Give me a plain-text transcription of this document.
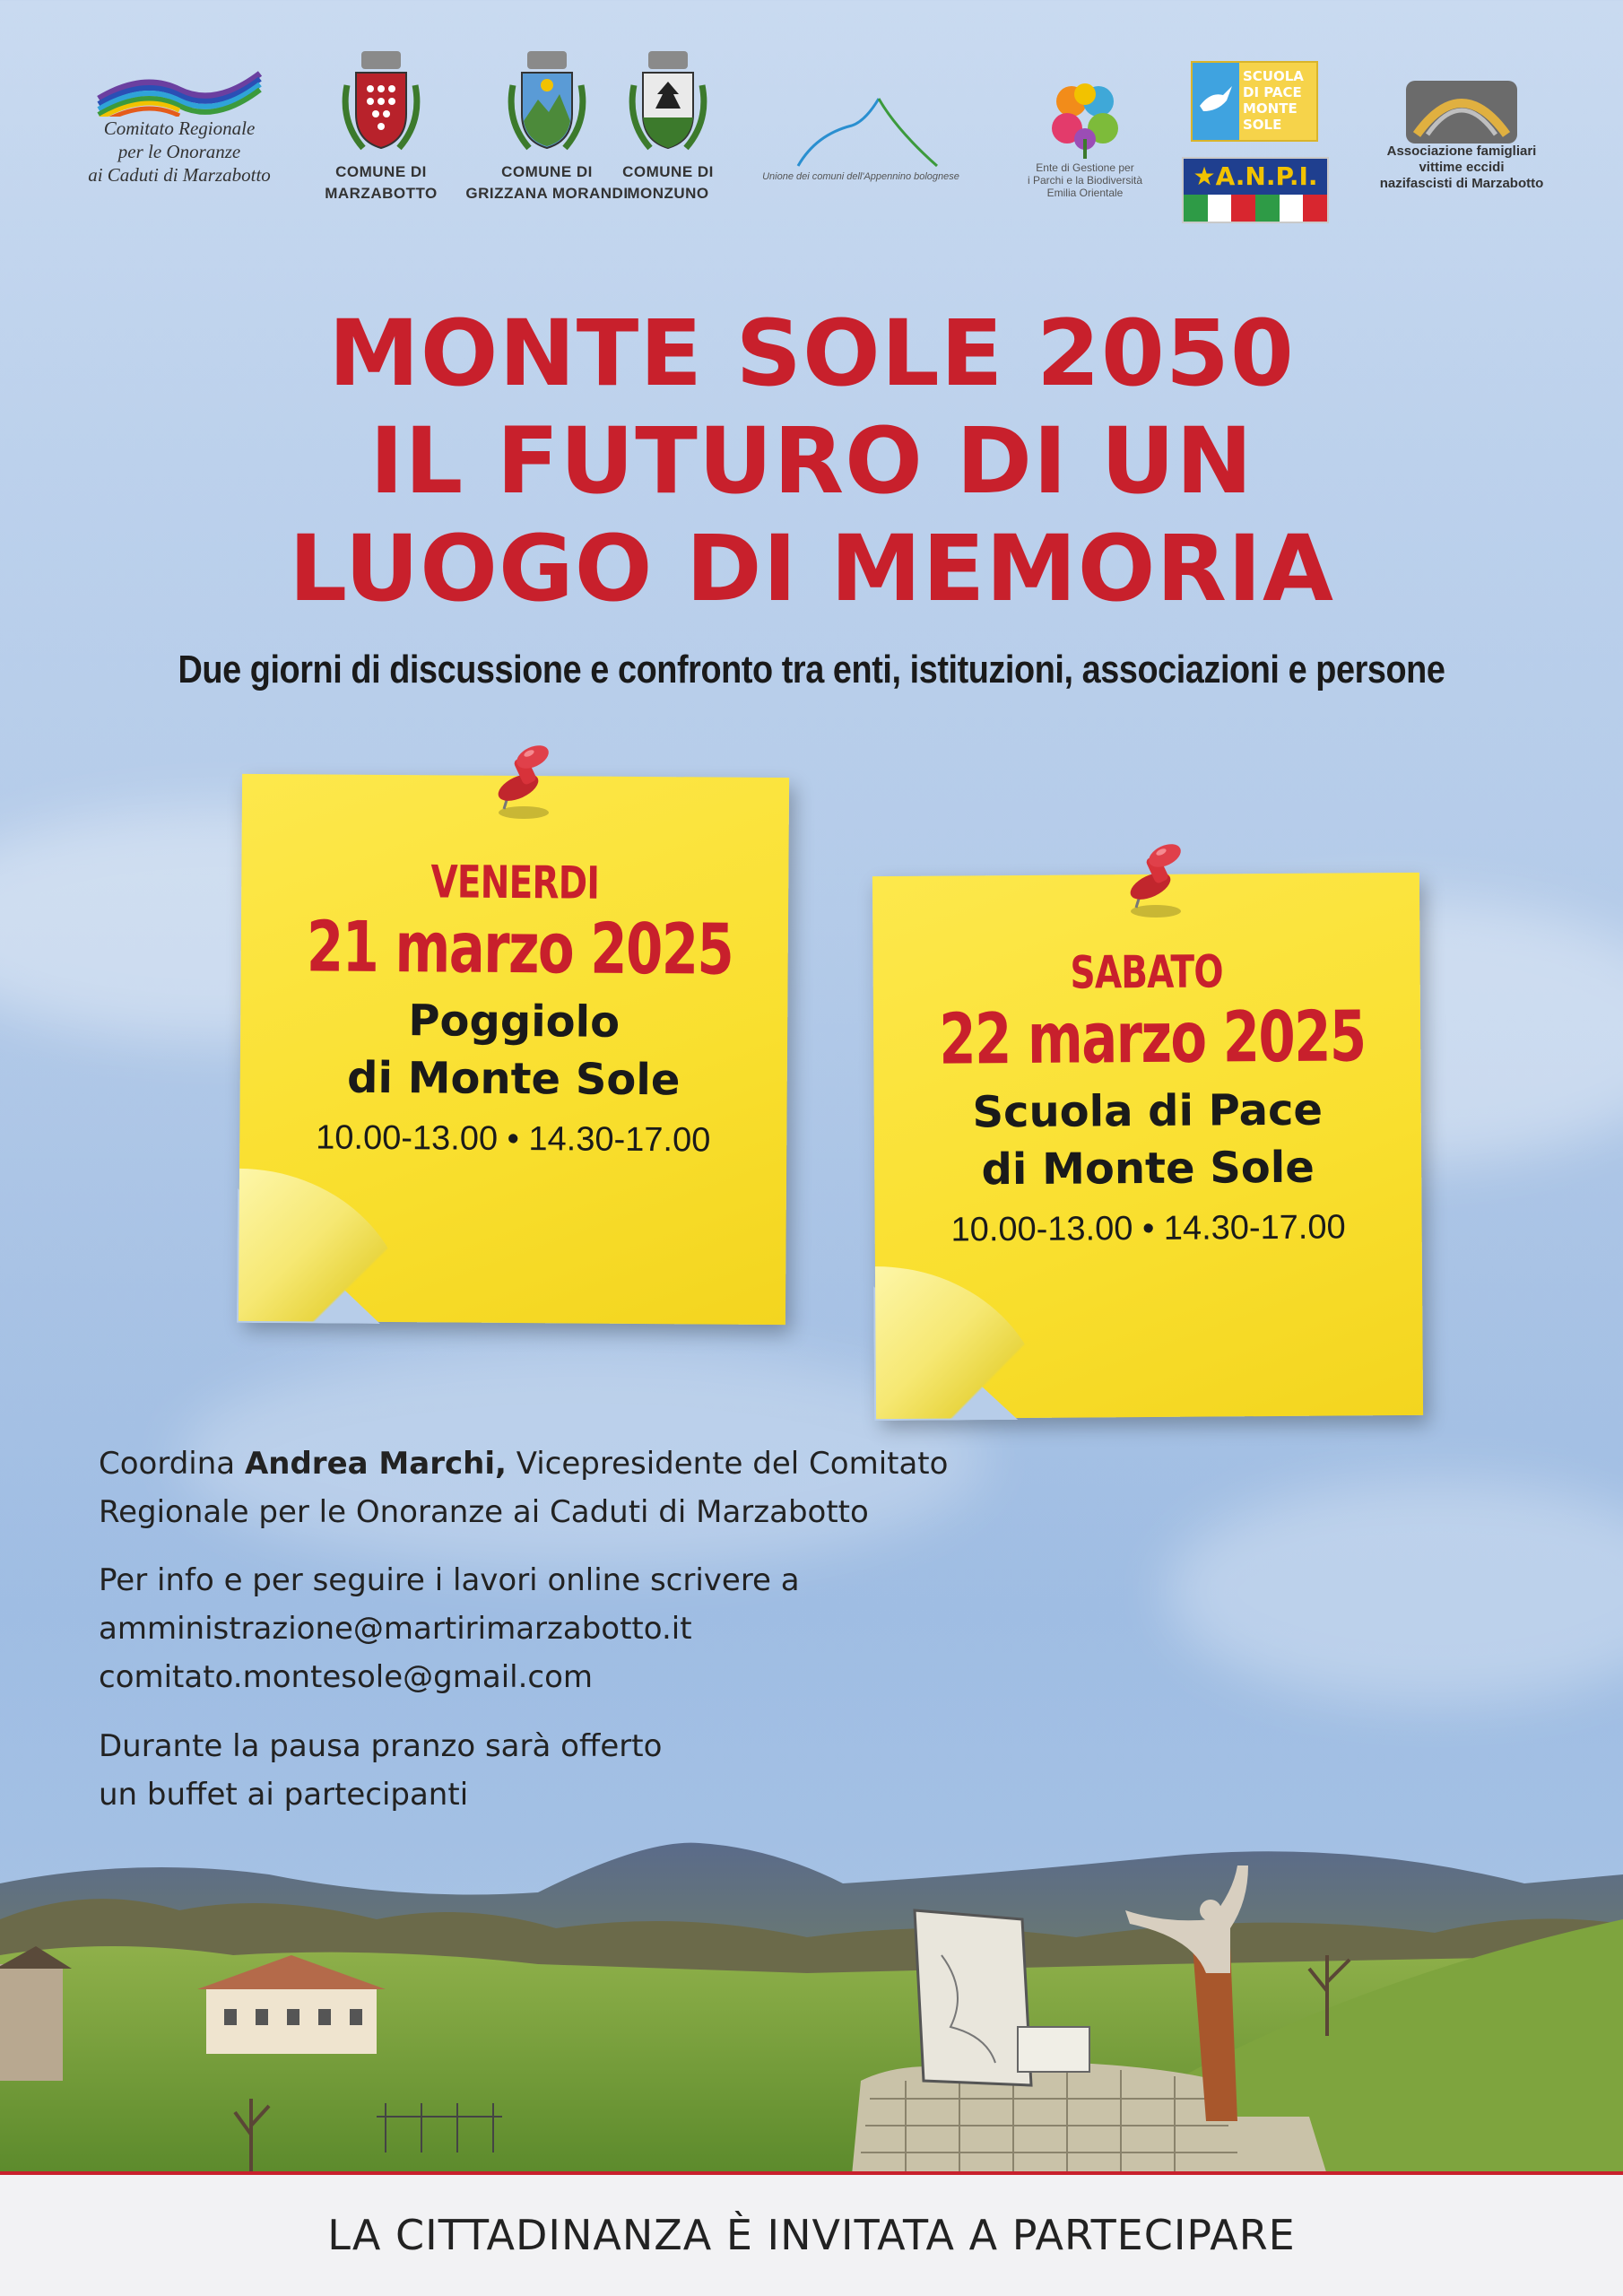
Comitato Regionale
per le Onoranze
ai Caduti di Marzabotto	COMUNE DI
MARZABOTTO
COMUNE DI
GRIZZANA MORANDI
COMUNE DI
MONZUNO
Unione dei comuni dell'Appennino bolognese
Ente di Gestione per
i Parchi e la Biodiversità
Emilia Orientale
SCUOLA
DI PACE
MONTE
SOLE
★A.N.P.I.
Associazione famigliari
vittime eccidi
nazifascisti di Marzabotto
MONTE SOLE 2050
IL FUTURO DI UN
LUOGO DI MEMORIA
Due giorni di discussione e confronto tra enti, istituzioni, associazioni e persone
VENERDI
21 marzo 2025
Poggiolo
di Monte Sole
10.00-13.00 • 14.30-17.00
SABATO
22 marzo 2025
Scuola di Pace
di Monte Sole
10.00-13.00 • 14.30-17.00
Coordina Andrea Marchi, Vicepresidente del Comitato
Regionale per le Onoranze ai Caduti di Marzabotto
Per info e per seguire i lavori online scrivere a
amministrazione@martirimarzabotto.it
comitato.montesole@gmail.com
Durante la pausa pranzo sarà offerto
un buffet ai partecipanti
LA CITTADINANZA È INVITATA A PARTECIPARE
